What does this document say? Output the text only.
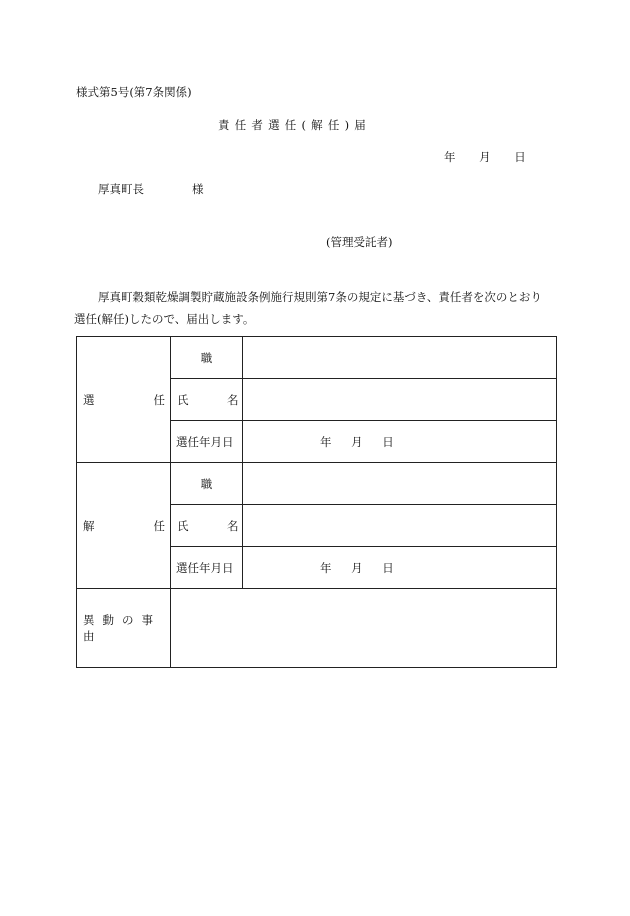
様式第5号(第7条関係)
責任者選任(解任)届
年 月 日
厚真町長	様
(管理受託者)
厚真町穀類乾燥調製貯蔵施設条例施行規則第7条の規定に基づき、責任者を次のとおり
選任(解任)したので、届出します。
選 任	職	
	氏 名	
	選任年月日	年 月 日

解 任	職	
	氏 名	
	選任年月日	年 月 日
異動の事由		
